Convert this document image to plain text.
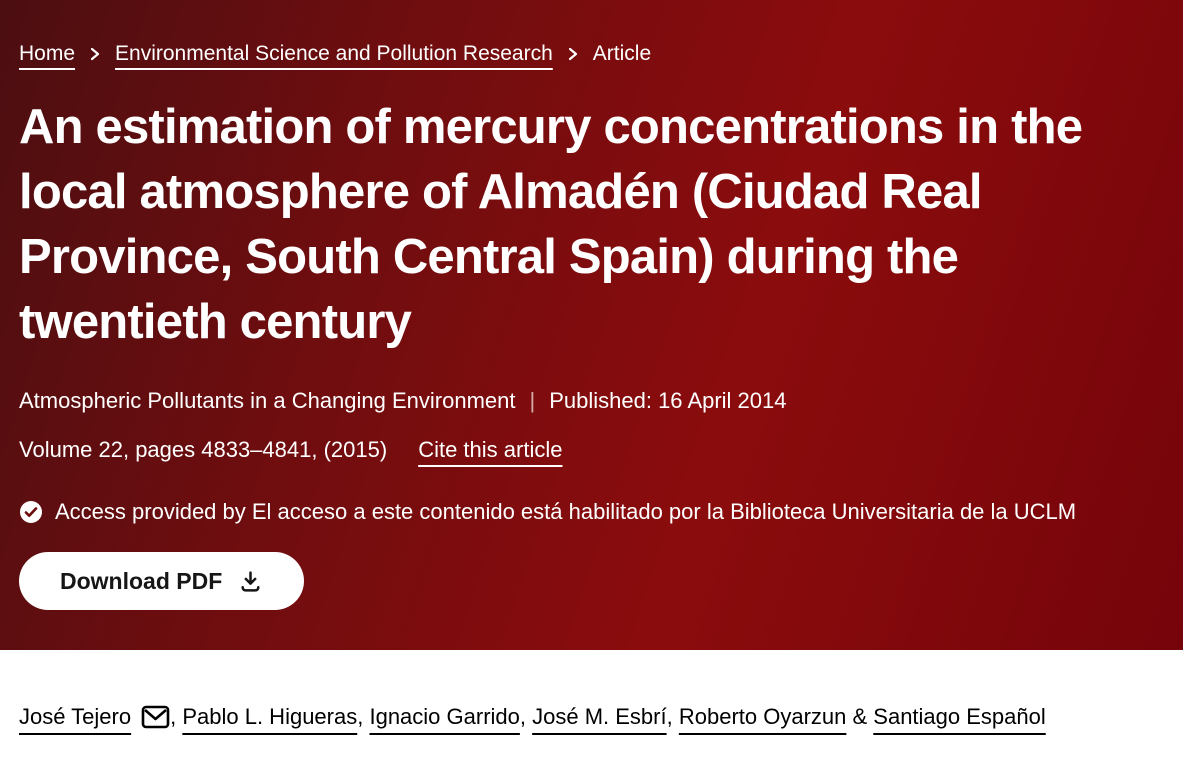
Home Environmental Science and Pollution Research Article
An estimation of mercury concentrations in the local atmosphere of Almadén (Ciudad Real Province, South Central Spain) during the twentieth century
Atmospheric Pollutants in a Changing Environment | Published: 16 April 2014
Volume 22, pages 4833–4841, (2015) Cite this article
Access provided by El acceso a este contenido está habilitado por la Biblioteca Universitaria de la UCLM
Download PDF

José Tejero , Pablo L. Higueras, Ignacio Garrido, José M. Esbrí, Roberto Oyarzun & Santiago Español
